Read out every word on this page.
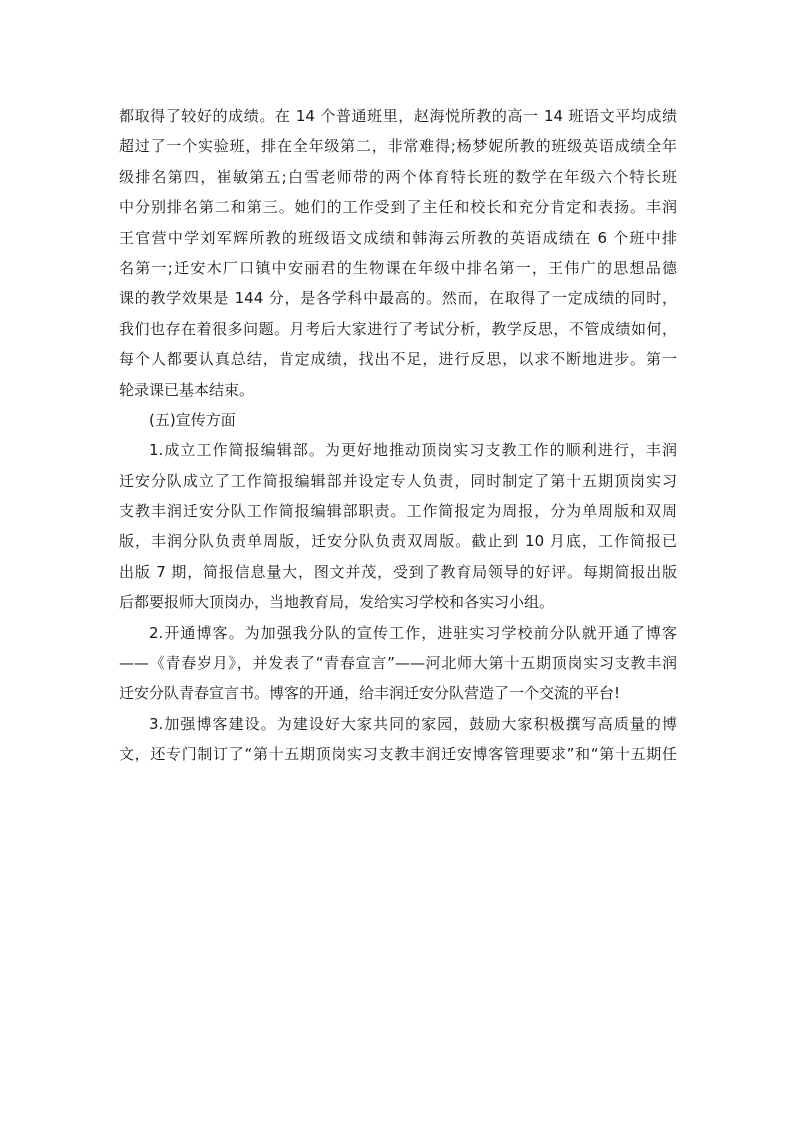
都取得了较好的成绩。在 14 个普通班里，赵海悦所教的高一 14 班语文平均成绩
超过了一个实验班，排在全年级第二，非常难得;杨梦妮所教的班级英语成绩全年
级排名第四，崔敏第五;白雪老师带的两个体育特长班的数学在年级六个特长班
中分别排名第二和第三。她们的工作受到了主任和校长和充分肯定和表扬。丰润
王官营中学刘军辉所教的班级语文成绩和韩海云所教的英语成绩在 6 个班中排
名第一;迁安木厂口镇中安丽君的生物课在年级中排名第一，王伟广的思想品德
课的教学效果是 144 分，是各学科中最高的。然而，在取得了一定成绩的同时，
我们也存在着很多问题。月考后大家进行了考试分析，教学反思，不管成绩如何，
每个人都要认真总结，肯定成绩，找出不足，进行反思，以求不断地进步。第一
轮录课已基本结束。
(五)宣传方面
1.成立工作简报编辑部。为更好地推动顶岗实习支教工作的顺利进行，丰润
迁安分队成立了工作简报编辑部并设定专人负责，同时制定了第十五期顶岗实习
支教丰润迁安分队工作简报编辑部职责。工作简报定为周报，分为单周版和双周
版，丰润分队负责单周版，迁安分队负责双周版。截止到 10 月底，工作简报已
出版 7 期，简报信息量大，图文并茂，受到了教育局领导的好评。每期简报出版
后都要报师大顶岗办，当地教育局，发给实习学校和各实习小组。
2.开通博客。为加强我分队的宣传工作，进驻实习学校前分队就开通了博客
——《青春岁月》，并发表了“青春宣言”——河北师大第十五期顶岗实习支教丰润
迁安分队青春宣言书。博客的开通，给丰润迁安分队营造了一个交流的平台!
3.加强博客建设。为建设好大家共同的家园，鼓励大家积极撰写高质量的博
文，还专门制订了“第十五期顶岗实习支教丰润迁安博客管理要求”和“第十五期任
